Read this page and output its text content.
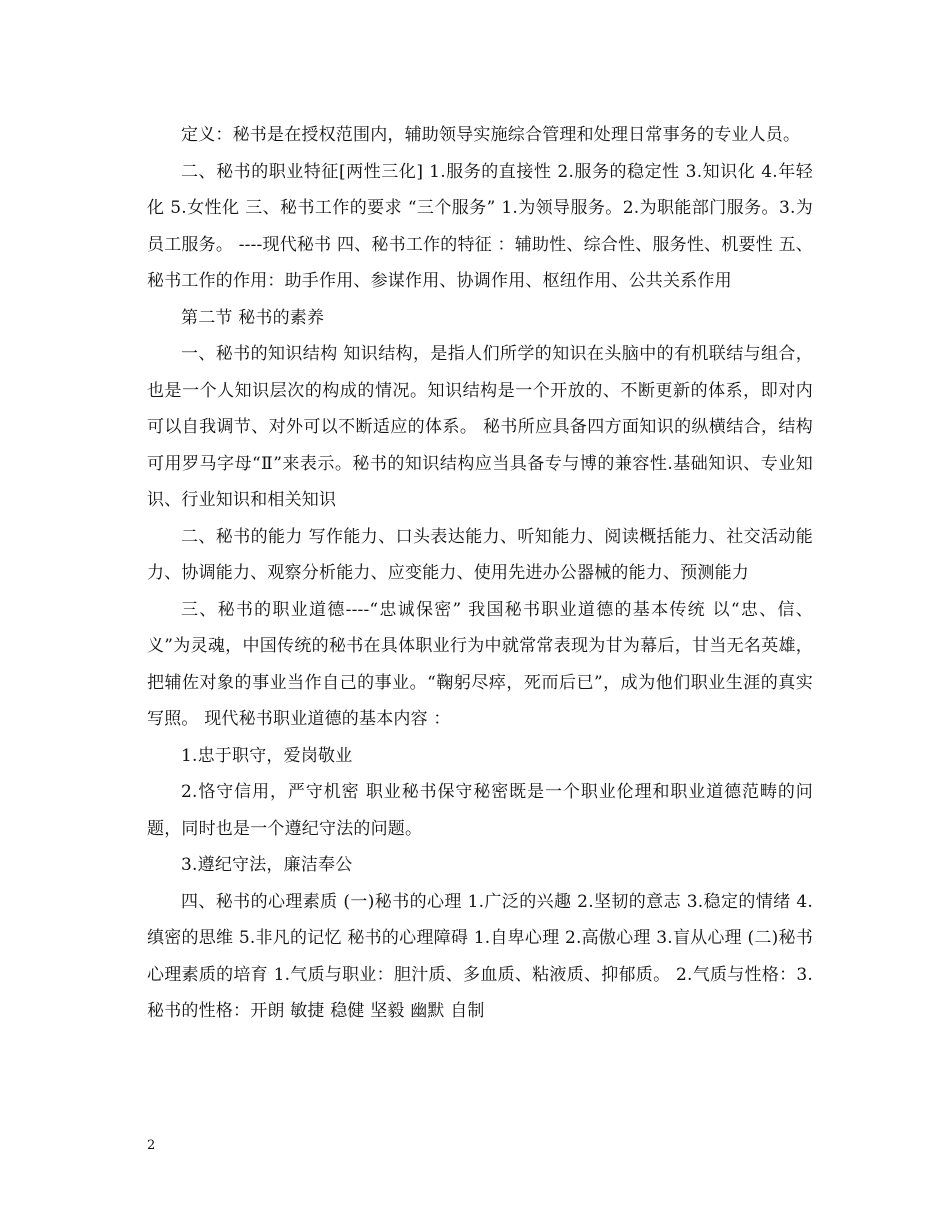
定义：秘书是在授权范围内，辅助领导实施综合管理和处理日常事务的专业人员。

二、秘书的职业特征[两性三化] 1.服务的直接性 2.服务的稳定性 3.知识化 4.年轻化 5.女性化 三、秘书工作的要求 “三个服务” 1.为领导服务。2.为职能部门服务。3.为员工服务。 ----现代秘书 四、秘书工作的特征 ：辅助性、综合性、服务性、机要性 五、秘书工作的作用：助手作用、参谋作用、协调作用、枢纽作用、公共关系作用

第二节 秘书的素养

一、秘书的知识结构 知识结构，是指人们所学的知识在头脑中的有机联结与组合，也是一个人知识层次的构成的情况。知识结构是一个开放的、不断更新的体系，即对内可以自我调节、对外可以不断适应的体系。 秘书所应具备四方面知识的纵横结合，结构可用罗马字母“Ⅱ”来表示。秘书的知识结构应当具备专与博的兼容性.基础知识、专业知识、行业知识和相关知识

二、秘书的能力 写作能力、口头表达能力、听知能力、阅读概括能力、社交活动能力、协调能力、观察分析能力、应变能力、使用先进办公器械的能力、预测能力

三、秘书的职业道德----“忠诚保密” 我国秘书职业道德的基本传统 以“忠、信、义”为灵魂，中国传统的秘书在具体职业行为中就常常表现为甘为幕后，甘当无名英雄，把辅佐对象的事业当作自己的事业。“鞠躬尽瘁，死而后已”，成为他们职业生涯的真实写照。 现代秘书职业道德的基本内容 ：

1.忠于职守，爱岗敬业

2.恪守信用，严守机密 职业秘书保守秘密既是一个职业伦理和职业道德范畴的问题，同时也是一个遵纪守法的问题。

3.遵纪守法，廉洁奉公

四、秘书的心理素质 (一)秘书的心理 1.广泛的兴趣 2.坚韧的意志 3.稳定的情绪 4.缜密的思维 5.非凡的记忆 秘书的心理障碍 1.自卑心理 2.高傲心理 3.盲从心理 (二)秘书心理素质的培育 1.气质与职业：胆汁质、多血质、粘液质、抑郁质。 2.气质与性格：3.秘书的性格：开朗 敏捷 稳健 坚毅 幽默 自制

2
